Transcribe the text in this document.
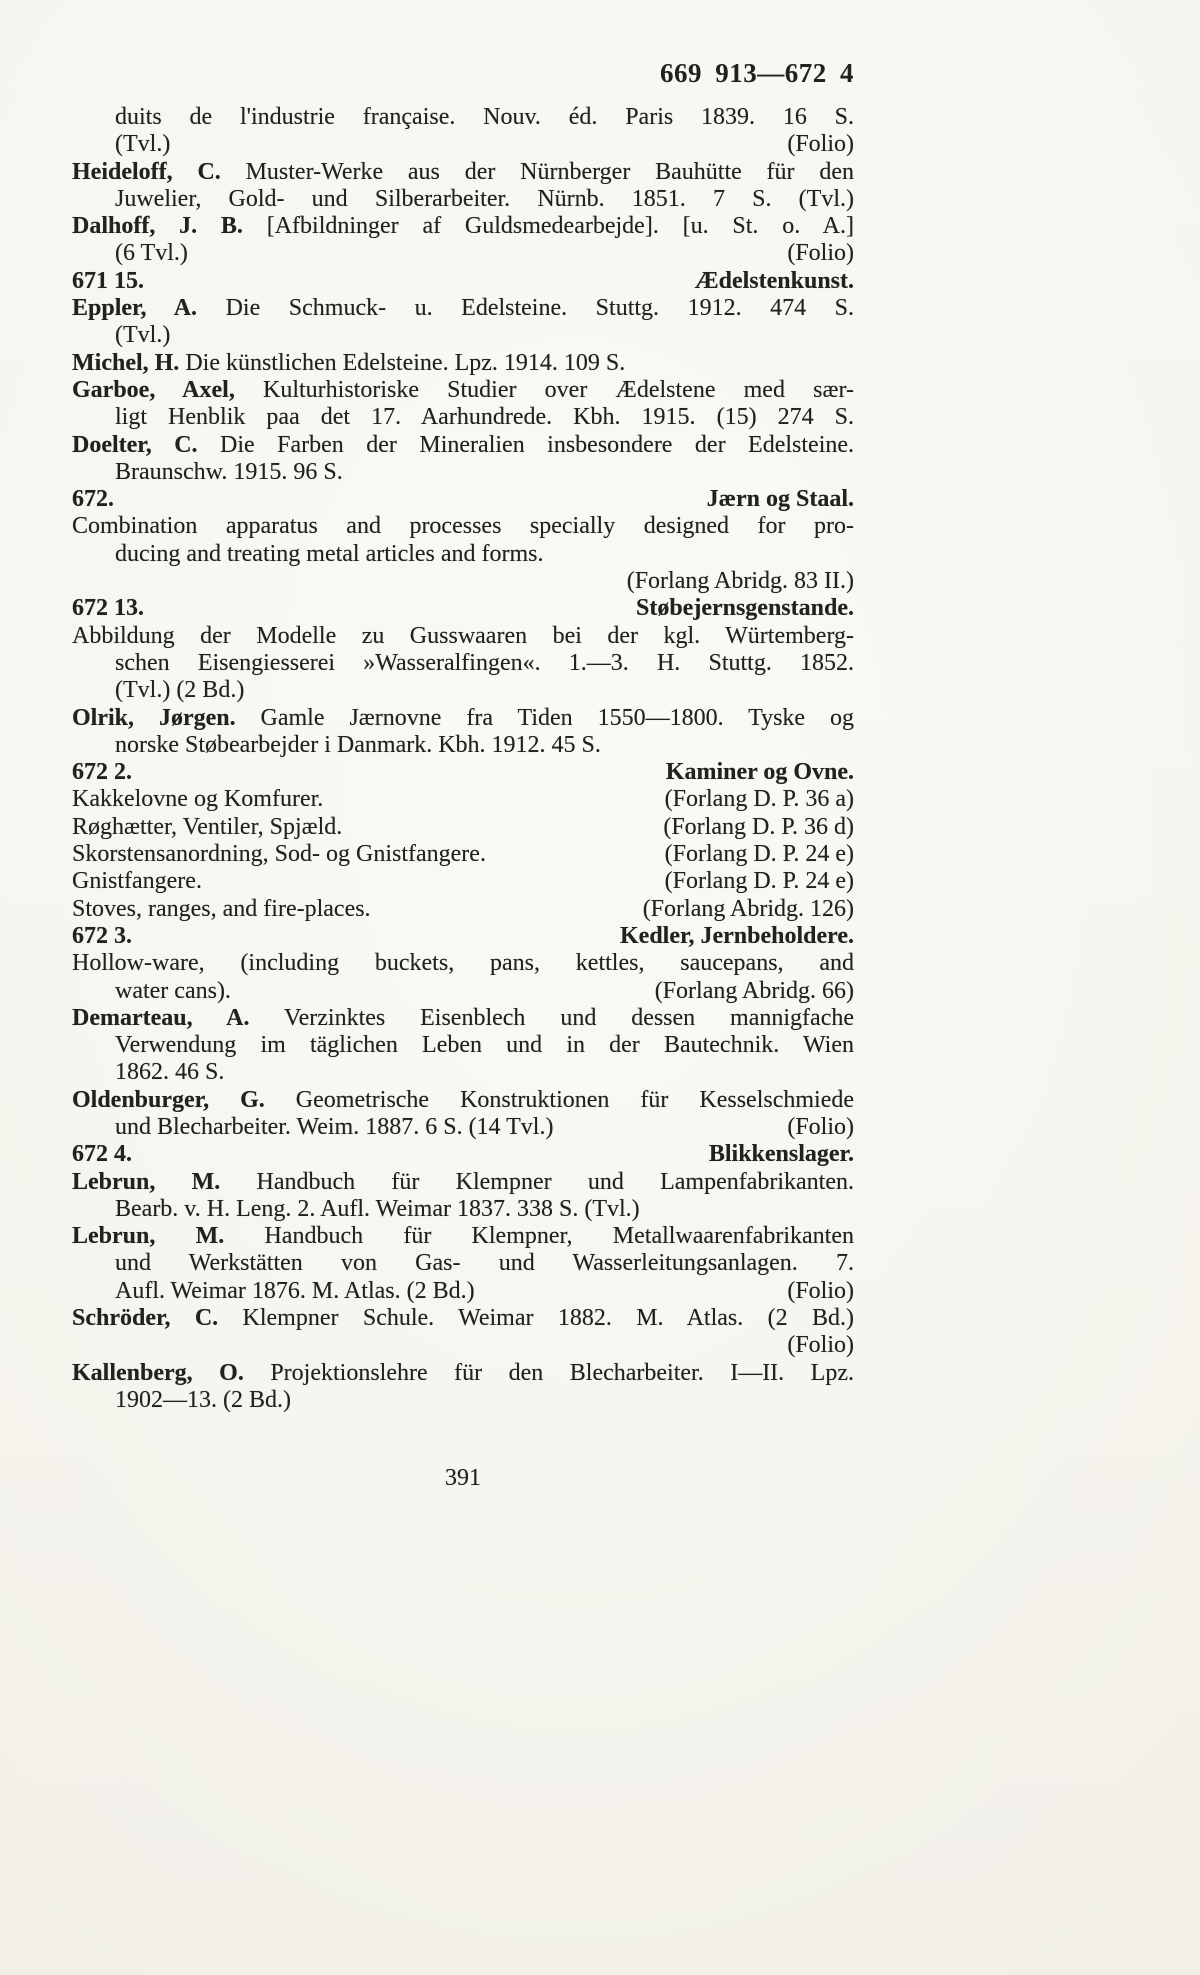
669 913—672 4
duits de l'industrie française. Nouv. éd. Paris 1839. 16 S.
(Tvl.)	(Folio)
Heideloff, C. Muster-Werke aus der Nürnberger Bauhütte für den
Juwelier, Gold- und Silberarbeiter. Nürnb. 1851. 7 S. (Tvl.)
Dalhoff, J. B. [Afbildninger af Guldsmedearbejde]. [u. St. o. A.]
(6 Tvl.)	(Folio)
671 15.	Ædelstenkunst.
Eppler, A. Die Schmuck- u. Edelsteine. Stuttg. 1912. 474 S.
(Tvl.)
Michel, H. Die künstlichen Edelsteine. Lpz. 1914. 109 S.
Garboe, Axel, Kulturhistoriske Studier over Ædelstene med sær-
ligt Henblik paa det 17. Aarhundrede. Kbh. 1915. (15) 274 S.
Doelter, C. Die Farben der Mineralien insbesondere der Edelsteine.
Braunschw. 1915. 96 S.
672.	Jærn og Staal.
Combination apparatus and processes specially designed for pro-
ducing and treating metal articles and forms.
(Forlang Abridg. 83 II.)
672 13.	Støbejernsgenstande.
Abbildung der Modelle zu Gusswaaren bei der kgl. Würtemberg-
schen Eisengiesserei »Wasseralfingen«. 1.—3. H. Stuttg. 1852.
(Tvl.) (2 Bd.)
Olrik, Jørgen. Gamle Jærnovne fra Tiden 1550—1800. Tyske og
norske Støbearbejder i Danmark. Kbh. 1912. 45 S.
672 2.	Kaminer og Ovne.
Kakkelovne og Komfurer.	(Forlang D. P. 36 a)
Røghætter, Ventiler, Spjæld.	(Forlang D. P. 36 d)
Skorstensanordning, Sod- og Gnistfangere.	(Forlang D. P. 24 e)
Gnistfangere.	(Forlang D. P. 24 e)
Stoves, ranges, and fire-places.	(Forlang Abridg. 126)
672 3.	Kedler, Jernbeholdere.
Hollow-ware, (including buckets, pans, kettles, saucepans, and
water cans).	(Forlang Abridg. 66)
Demarteau, A. Verzinktes Eisenblech und dessen mannigfache
Verwendung im täglichen Leben und in der Bautechnik. Wien
1862. 46 S.
Oldenburger, G. Geometrische Konstruktionen für Kesselschmiede
und Blecharbeiter. Weim. 1887. 6 S. (14 Tvl.)	(Folio)
672 4.	Blikkenslager.
Lebrun, M. Handbuch für Klempner und Lampenfabrikanten.
Bearb. v. H. Leng. 2. Aufl. Weimar 1837. 338 S. (Tvl.)
Lebrun, M. Handbuch für Klempner, Metallwaarenfabrikanten
und Werkstätten von Gas- und Wasserleitungsanlagen. 7.
Aufl. Weimar 1876. M. Atlas. (2 Bd.)	(Folio)
Schröder, C. Klempner Schule. Weimar 1882. M. Atlas. (2 Bd.)
(Folio)
Kallenberg, O. Projektionslehre für den Blecharbeiter. I—II. Lpz.
1902—13. (2 Bd.)
391
